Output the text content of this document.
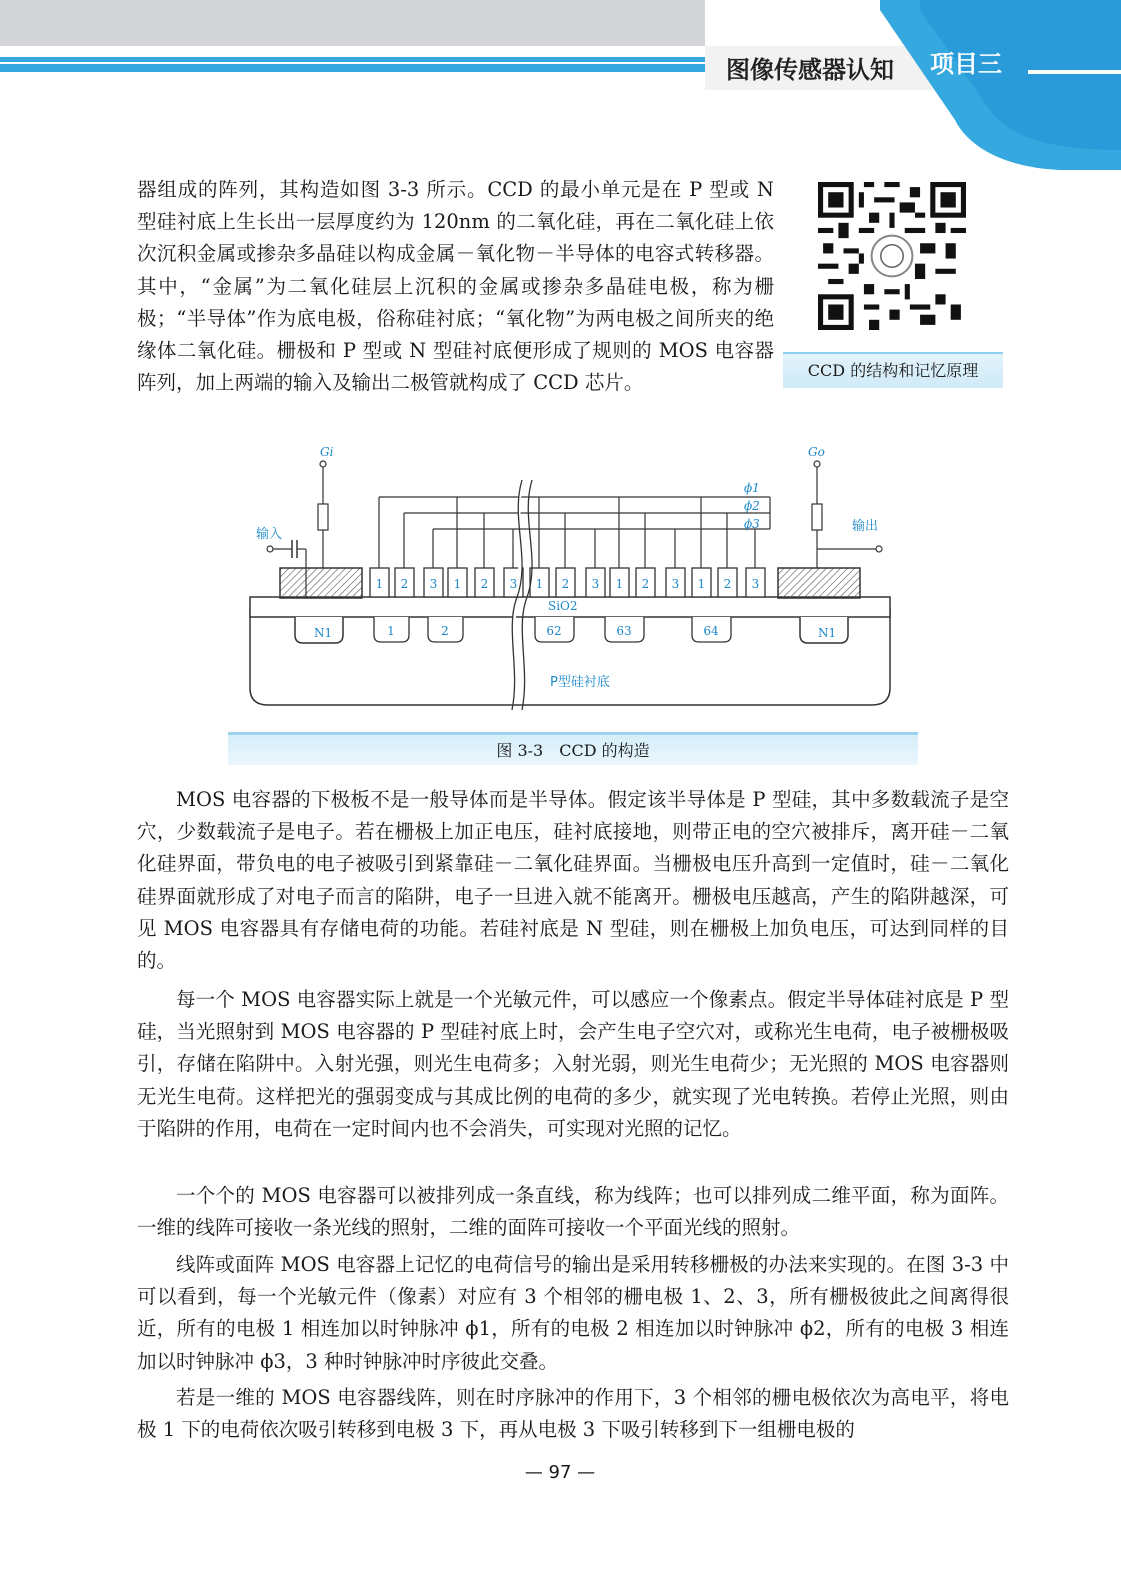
图像传感器认知 项目三
器组成的阵列，其构造如图 3-3 所示。CCD 的最小单元是在 P 型或 N 型硅衬底上生长出一层厚度约为 120nm 的二氧化硅，再在二氧化硅上依次沉积金属或掺杂多晶硅以构成金属－氧化物－半导体的电容式转移器。其中，“金属”为二氧化硅层上沉积的金属或掺杂多晶硅电极，称为栅极；“半导体”作为底电极，俗称硅衬底；“氧化物”为两电极之间所夹的绝缘体二氧化硅。栅极和 P 型或 N 型硅衬底便形成了规则的 MOS 电容器阵列，加上两端的输入及输出二极管就构成了 CCD 芯片。
CCD 的结构和记忆原理
N1	N1
1	2	62	63	64
1 2 3 1 2 3 1 2 3 1 2 3 1 2 3
ϕ1
ϕ2
ϕ3
Gi
输入
Go
输出
SiO2
P型硅衬底
图 3-3　CCD 的构造
MOS 电容器的下极板不是一般导体而是半导体。假定该半导体是 P 型硅，其中多数载流子是空穴，少数载流子是电子。若在栅极上加正电压，硅衬底接地，则带正电的空穴被排斥，离开硅－二氧化硅界面，带负电的电子被吸引到紧靠硅－二氧化硅界面。当栅极电压升高到一定值时，硅－二氧化硅界面就形成了对电子而言的陷阱，电子一旦进入就不能离开。栅极电压越高，产生的陷阱越深，可见 MOS 电容器具有存储电荷的功能。若硅衬底是 N 型硅，则在栅极上加负电压，可达到同样的目的。
每一个 MOS 电容器实际上就是一个光敏元件，可以感应一个像素点。假定半导体硅衬底是 P 型硅，当光照射到 MOS 电容器的 P 型硅衬底上时，会产生电子空穴对，或称光生电荷，电子被栅极吸引，存储在陷阱中。入射光强，则光生电荷多；入射光弱，则光生电荷少；无光照的 MOS 电容器则无光生电荷。这样把光的强弱变成与其成比例的电荷的多少，就实现了光电转换。若停止光照，则由于陷阱的作用，电荷在一定时间内也不会消失，可实现对光照的记忆。
一个个的 MOS 电容器可以被排列成一条直线，称为线阵；也可以排列成二维平面，称为面阵。一维的线阵可接收一条光线的照射，二维的面阵可接收一个平面光线的照射。
线阵或面阵 MOS 电容器上记忆的电荷信号的输出是采用转移栅极的办法来实现的。在图 3-3 中可以看到，每一个光敏元件（像素）对应有 3 个相邻的栅电极 1、2、3，所有栅极彼此之间离得很近，所有的电极 1 相连加以时钟脉冲 ϕ1，所有的电极 2 相连加以时钟脉冲 ϕ2，所有的电极 3 相连加以时钟脉冲 ϕ3，3 种时钟脉冲时序彼此交叠。
若是一维的 MOS 电容器线阵，则在时序脉冲的作用下，3 个相邻的栅电极依次为高电平，将电极 1 下的电荷依次吸引转移到电极 3 下，再从电极 3 下吸引转移到下一组栅电极的
— 97 —
